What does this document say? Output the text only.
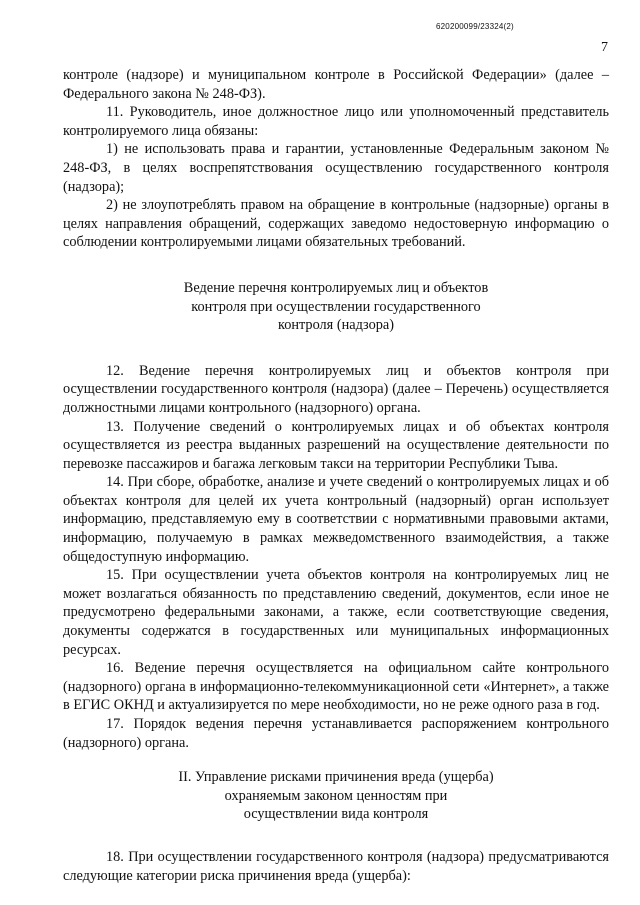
620200099/23324(2)
7

контроле (надзоре) и муниципальном контроле в Российской Федерации» (далее – Федерального закона № 248-ФЗ).

11. Руководитель, иное должностное лицо или уполномоченный представитель контролируемого лица обязаны:

1) не использовать права и гарантии, установленные Федеральным законом № 248-ФЗ, в целях воспрепятствования осуществлению государственного контроля (надзора);

2) не злоупотреблять правом на обращение в контрольные (надзорные) органы в целях направления обращений, содержащих заведомо недостоверную информацию о соблюдении контролируемыми лицами обязательных требований.

Ведение перечня контролируемых лиц и объектов

контроля при осуществлении государственного

контроля (надзора)

12. Ведение перечня контролируемых лиц и объектов контроля при осуществлении государственного контроля (надзора) (далее – Перечень) осуществляется должностными лицами контрольного (надзорного) органа.

13. Получение сведений о контролируемых лицах и об объектах контроля осуществляется из реестра выданных разрешений на осуществление деятельности по перевозке пассажиров и багажа легковым такси на территории Республики Тыва.

14. При сборе, обработке, анализе и учете сведений о контролируемых лицах и об объектах контроля для целей их учета контрольный (надзорный) орган использует информацию, представляемую ему в соответствии с нормативными правовыми актами, информацию, получаемую в рамках межведомственного взаимодействия, а также общедоступную информацию.

15. При осуществлении учета объектов контроля на контролируемых лиц не может возлагаться обязанность по представлению сведений, документов, если иное не предусмотрено федеральными законами, а также, если соответствующие сведения, документы содержатся в государственных или муниципальных информационных ресурсах.

16. Ведение перечня осуществляется на официальном сайте контрольного (надзорного) органа в информационно-телекоммуникационной сети «Интернет», а также в ЕГИС ОКНД и актуализируется по мере необходимости, но не реже одного раза в год.

17. Порядок ведения перечня устанавливается распоряжением контрольного (надзорного) органа.

II. Управление рисками причинения вреда (ущерба)

охраняемым законом ценностям при

осуществлении вида контроля

18. При осуществлении государственного контроля (надзора) предусматриваются следующие категории риска причинения вреда (ущерба):
